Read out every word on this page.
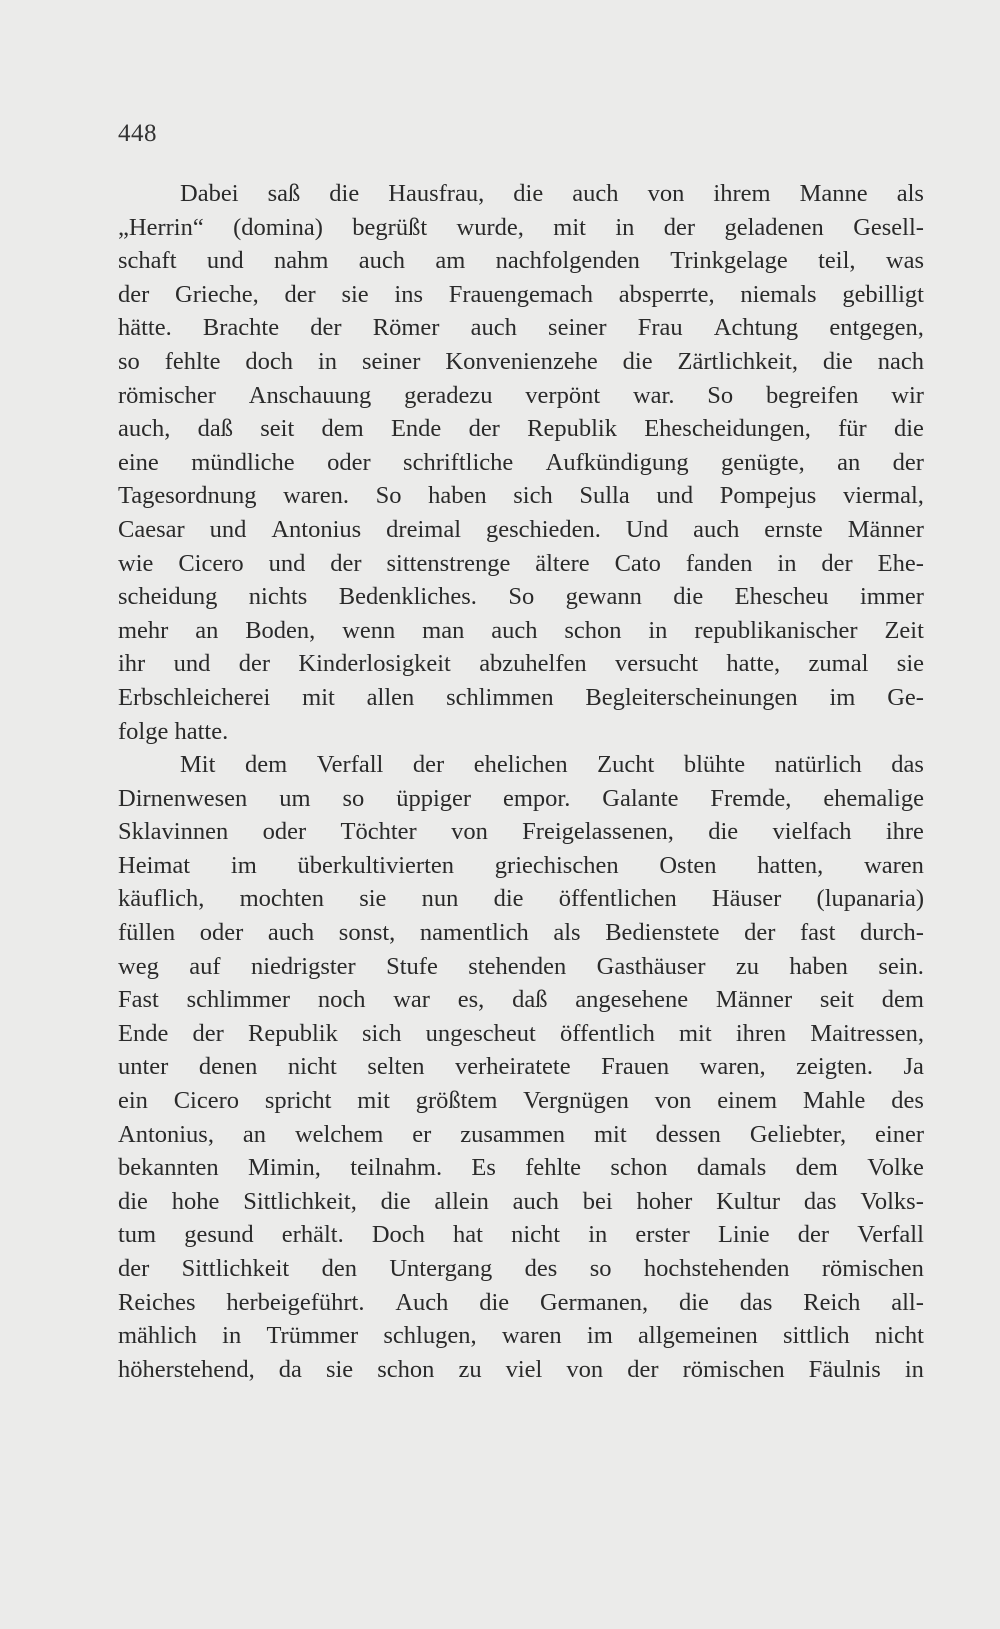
448
Dabei saß die Hausfrau, die auch von ihrem Manne als
„Herrin“ (domina) begrüßt wurde, mit in der geladenen Gesell-
schaft und nahm auch am nachfolgenden Trinkgelage teil, was
der Grieche, der sie ins Frauengemach absperrte, niemals gebilligt
hätte. Brachte der Römer auch seiner Frau Achtung entgegen,
so fehlte doch in seiner Konvenienzehe die Zärtlichkeit, die nach
römischer Anschauung geradezu verpönt war. So begreifen wir
auch, daß seit dem Ende der Republik Ehescheidungen, für die
eine mündliche oder schriftliche Aufkündigung genügte, an der
Tagesordnung waren. So haben sich Sulla und Pompejus viermal,
Caesar und Antonius dreimal geschieden. Und auch ernste Männer
wie Cicero und der sittenstrenge ältere Cato fanden in der Ehe-
scheidung nichts Bedenkliches. So gewann die Ehescheu immer
mehr an Boden, wenn man auch schon in republikanischer Zeit
ihr und der Kinderlosigkeit abzuhelfen versucht hatte, zumal sie
Erbschleicherei mit allen schlimmen Begleiterscheinungen im Ge-
folge hatte.
Mit dem Verfall der ehelichen Zucht blühte natürlich das
Dirnenwesen um so üppiger empor. Galante Fremde, ehemalige
Sklavinnen oder Töchter von Freigelassenen, die vielfach ihre
Heimat im überkultivierten griechischen Osten hatten, waren
käuflich, mochten sie nun die öffentlichen Häuser (lupanaria)
füllen oder auch sonst, namentlich als Bedienstete der fast durch-
weg auf niedrigster Stufe stehenden Gasthäuser zu haben sein.
Fast schlimmer noch war es, daß angesehene Männer seit dem
Ende der Republik sich ungescheut öffentlich mit ihren Maitressen,
unter denen nicht selten verheiratete Frauen waren, zeigten. Ja
ein Cicero spricht mit größtem Vergnügen von einem Mahle des
Antonius, an welchem er zusammen mit dessen Geliebter, einer
bekannten Mimin, teilnahm. Es fehlte schon damals dem Volke
die hohe Sittlichkeit, die allein auch bei hoher Kultur das Volks-
tum gesund erhält. Doch hat nicht in erster Linie der Verfall
der Sittlichkeit den Untergang des so hochstehenden römischen
Reiches herbeigeführt. Auch die Germanen, die das Reich all-
mählich in Trümmer schlugen, waren im allgemeinen sittlich nicht
höherstehend, da sie schon zu viel von der römischen Fäulnis in
